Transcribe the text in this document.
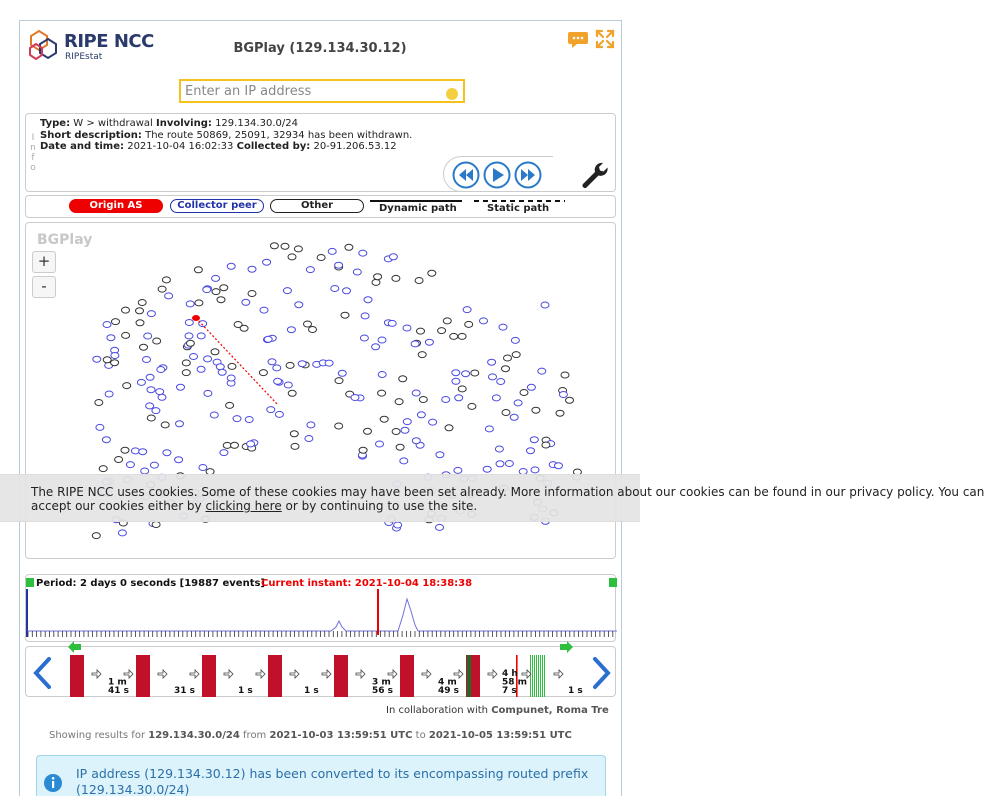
RIPE NCC
RIPEstat
BGPlay (129.134.30.12)
Enter an IP address
I
n
f
o
Type: W > withdrawal Involving: 129.134.30.0/24
Short description: The route 50869, 25091, 32934 has been withdrawn.
Date and time: 2021-10-04 16:02:33 Collected by: 20-91.206.53.12
Origin AS	Collector peer	Other	Dynamic path	Static path
BGPlay
+
-
The RIPE NCC uses cookies. Some of these cookies may have been set already. More information about our cookies can be found in our privacy policy. You can
accept our cookies either by clicking here or by continuing to use the site.
Period: 2 days 0 seconds [19887 events]
Current instant: 2021-10-04 18:38:38
1 m
41 s	31 s	1 s	1 s
3 m
56 s
4 m
49 s
4 h
58 m
7 s	1 s
In collaboration with Compunet, Roma Tre
Showing results for 129.134.30.0/24 from 2021-10-03 13:59:51 UTC to 2021-10-05 13:59:51 UTC
IP address (129.134.30.12) has been converted to its encompassing routed prefix (129.134.30.0/24)
